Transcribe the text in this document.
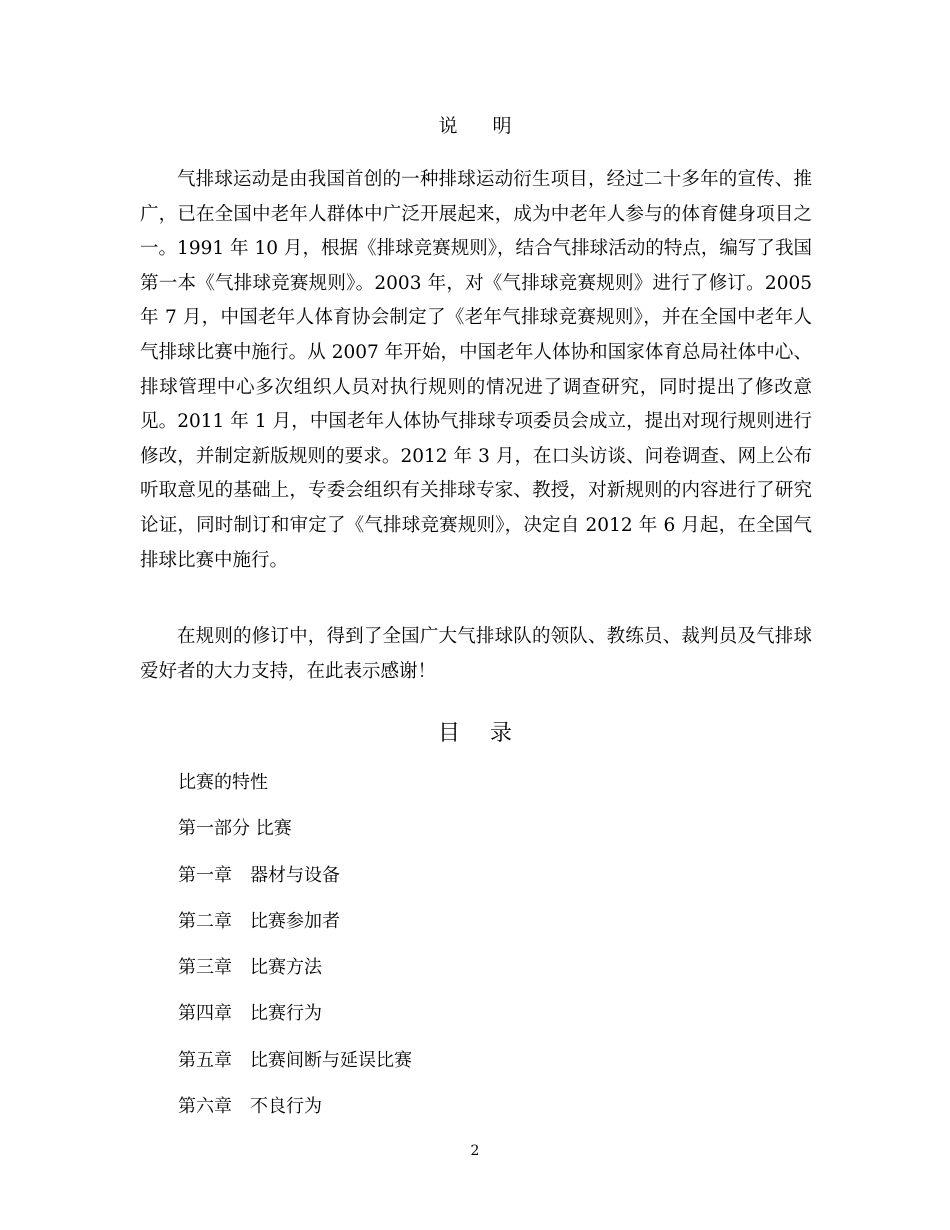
说明

气排球运动是由我国首创的一种排球运动衍生项目，经过二十多年的宣传、推广，已在全国中老年人群体中广泛开展起来，成为中老年人参与的体育健身项目之一。1991 年 10 月，根据《排球竞赛规则》，结合气排球活动的特点，编写了我国第一本《气排球竞赛规则》。2003 年，对《气排球竞赛规则》进行了修订。2005 年 7 月，中国老年人体育协会制定了《老年气排球竞赛规则》，并在全国中老年人气排球比赛中施行。从 2007 年开始，中国老年人体协和国家体育总局社体中心、排球管理中心多次组织人员对执行规则的情况进了调查研究，同时提出了修改意见。2011 年 1 月，中国老年人体协气排球专项委员会成立，提出对现行规则进行修改，并制定新版规则的要求。2012 年 3 月，在口头访谈、问卷调查、网上公布听取意见的基础上，专委会组织有关排球专家、教授，对新规则的内容进行了研究论证，同时制订和审定了《气排球竞赛规则》，决定自 2012 年 6 月起，在全国气排球比赛中施行。

在规则的修订中，得到了全国广大气排球队的领队、教练员、裁判员及气排球爱好者的大力支持，在此表示感谢！

目录
比赛的特性
第一部分 比赛
第一章　器材与设备
第二章　比赛参加者
第三章　比赛方法
第四章　比赛行为
第五章　比赛间断与延误比赛
第六章　不良行为
2
